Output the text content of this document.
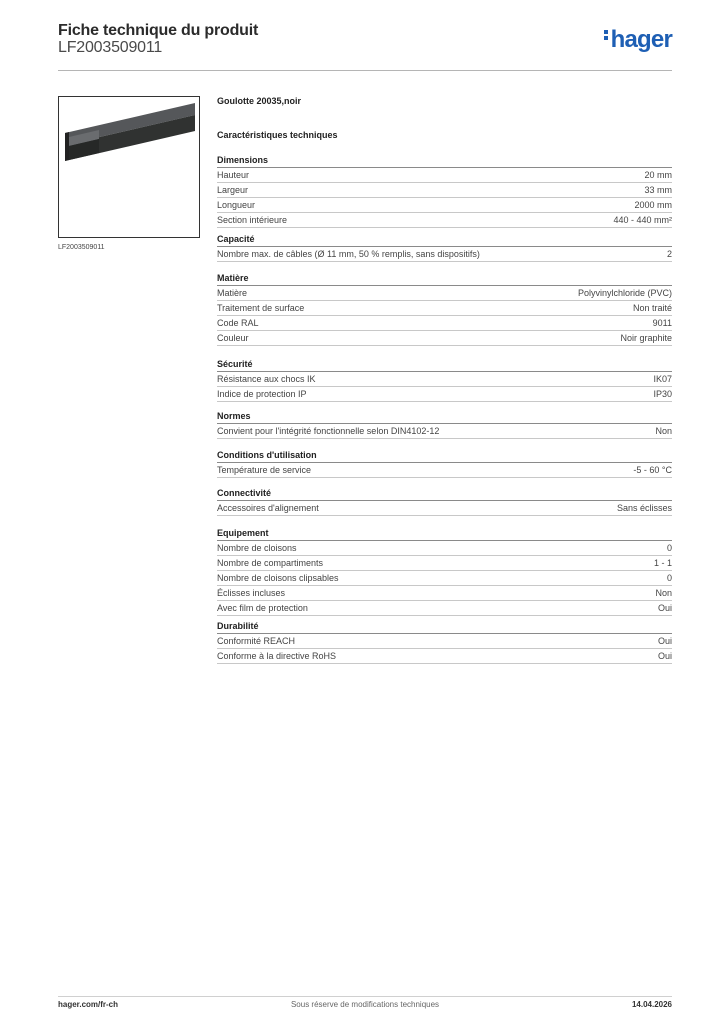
Fiche technique du produit
LF2003509011	hager
LF2003509011
Goulotte 20035,noir
Caractéristiques techniques
Dimensions
Hauteur	20 mm
Largeur	33 mm
Longueur	2000 mm
Section intérieure	440 - 440 mm²
Capacité
Nombre max. de câbles (Ø 11 mm, 50 % remplis, sans dispositifs)	2
Matière
Matière	Polyvinylchloride (PVC)
Traitement de surface	Non traité
Code RAL	9011
Couleur	Noir graphite
Sécurité
Résistance aux chocs IK	IK07
Indice de protection IP	IP30
Normes
Convient pour l'intégrité fonctionnelle selon DIN4102-12	Non
Conditions d'utilisation
Température de service	-5 - 60 °C
Connectivité
Accessoires d'alignement	Sans éclisses
Equipement
Nombre de cloisons	0
Nombre de compartiments	1 - 1
Nombre de cloisons clipsables	0
Éclisses incluses	Non
Avec film de protection	Oui
Durabilité
Conformité REACH	Oui
Conforme à la directive RoHS	Oui
hager.com/fr-ch	Sous réserve de modifications techniques	14.04.2026
